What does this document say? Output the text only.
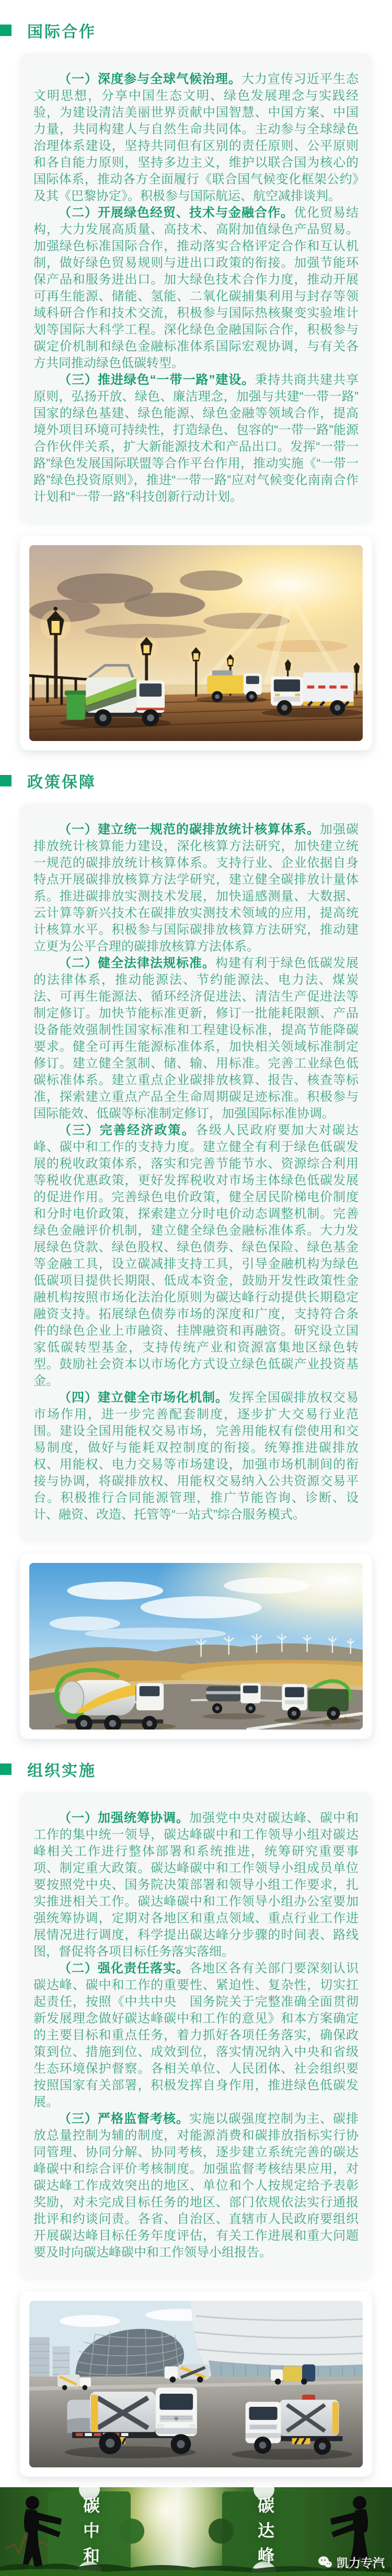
国际合作

（一）深度参与全球气候治理。大力宣传习近平生态文明思想，分享中国生态文明、绿色发展理念与实践经验，为建设清洁美丽世界贡献中国智慧、中国方案、中国力量，共同构建人与自然生命共同体。主动参与全球绿色治理体系建设，坚持共同但有区别的责任原则、公平原则和各自能力原则，坚持多边主义，维护以联合国为核心的国际体系，推动各方全面履行《联合国气候变化框架公约》及其《巴黎协定》。积极参与国际航运、航空减排谈判。

（二）开展绿色经贸、技术与金融合作。优化贸易结构，大力发展高质量、高技术、高附加值绿色产品贸易。加强绿色标准国际合作，推动落实合格评定合作和互认机制，做好绿色贸易规则与进出口政策的衔接。加强节能环保产品和服务进出口。加大绿色技术合作力度，推动开展可再生能源、储能、氢能、二氧化碳捕集利用与封存等领域科研合作和技术交流，积极参与国际热核聚变实验堆计划等国际大科学工程。深化绿色金融国际合作，积极参与碳定价机制和绿色金融标准体系国际宏观协调，与有关各方共同推动绿色低碳转型。

（三）推进绿色“一带一路”建设。秉持共商共建共享原则，弘扬开放、绿色、廉洁理念，加强与共建“一带一路”国家的绿色基建、绿色能源、绿色金融等领域合作，提高境外项目环境可持续性，打造绿色、包容的“一带一路”能源合作伙伴关系，扩大新能源技术和产品出口。发挥“一带一路”绿色发展国际联盟等合作平台作用，推动实施《“一带一路”绿色投资原则》，推进“一带一路”应对气候变化南南合作计划和“一带一路”科技创新行动计划。

政策保障

（一）建立统一规范的碳排放统计核算体系。加强碳排放统计核算能力建设，深化核算方法研究，加快建立统一规范的碳排放统计核算体系。支持行业、企业依据自身特点开展碳排放核算方法学研究，建立健全碳排放计量体系。推进碳排放实测技术发展，加快遥感测量、大数据、云计算等新兴技术在碳排放实测技术领域的应用，提高统计核算水平。积极参与国际碳排放核算方法研究，推动建立更为公平合理的碳排放核算方法体系。

（二）健全法律法规标准。构建有利于绿色低碳发展的法律体系，推动能源法、节约能源法、电力法、煤炭法、可再生能源法、循环经济促进法、清洁生产促进法等制定修订。加快节能标准更新，修订一批能耗限额、产品设备能效强制性国家标准和工程建设标准，提高节能降碳要求。健全可再生能源标准体系，加快相关领域标准制定修订。建立健全氢制、储、输、用标准。完善工业绿色低碳标准体系。建立重点企业碳排放核算、报告、核查等标准，探索建立重点产品全生命周期碳足迹标准。积极参与国际能效、低碳等标准制定修订，加强国际标准协调。

（三）完善经济政策。各级人民政府要加大对碳达峰、碳中和工作的支持力度。建立健全有利于绿色低碳发展的税收政策体系，落实和完善节能节水、资源综合利用等税收优惠政策，更好发挥税收对市场主体绿色低碳发展的促进作用。完善绿色电价政策，健全居民阶梯电价制度和分时电价政策，探索建立分时电价动态调整机制。完善绿色金融评价机制，建立健全绿色金融标准体系。大力发展绿色贷款、绿色股权、绿色债券、绿色保险、绿色基金等金融工具，设立碳减排支持工具，引导金融机构为绿色低碳项目提供长期限、低成本资金，鼓励开发性政策性金融机构按照市场化法治化原则为碳达峰行动提供长期稳定融资支持。拓展绿色债券市场的深度和广度，支持符合条件的绿色企业上市融资、挂牌融资和再融资。研究设立国家低碳转型基金，支持传统产业和资源富集地区绿色转型。鼓励社会资本以市场化方式设立绿色低碳产业投资基金。

（四）建立健全市场化机制。发挥全国碳排放权交易市场作用，进一步完善配套制度，逐步扩大交易行业范围。建设全国用能权交易市场，完善用能权有偿使用和交易制度，做好与能耗双控制度的衔接。统筹推进碳排放权、用能权、电力交易等市场建设，加强市场机制间的衔接与协调，将碳排放权、用能权交易纳入公共资源交易平台。积极推行合同能源管理，推广节能咨询、诊断、设计、融资、改造、托管等“一站式”综合服务模式。

组织实施

（一）加强统筹协调。加强党中央对碳达峰、碳中和工作的集中统一领导，碳达峰碳中和工作领导小组对碳达峰相关工作进行整体部署和系统推进，统筹研究重要事项、制定重大政策。碳达峰碳中和工作领导小组成员单位要按照党中央、国务院决策部署和领导小组工作要求，扎实推进相关工作。碳达峰碳中和工作领导小组办公室要加强统筹协调，定期对各地区和重点领域、重点行业工作进展情况进行调度，科学提出碳达峰分步骤的时间表、路线图，督促将各项目标任务落实落细。

（二）强化责任落实。各地区各有关部门要深刻认识碳达峰、碳中和工作的重要性、紧迫性、复杂性，切实扛起责任，按照《中共中央　国务院关于完整准确全面贯彻新发展理念做好碳达峰碳中和工作的意见》和本方案确定的主要目标和重点任务，着力抓好各项任务落实，确保政策到位、措施到位、成效到位，落实情况纳入中央和省级生态环境保护督察。各相关单位、人民团体、社会组织要按照国家有关部署，积极发挥自身作用，推进绿色低碳发展。

（三）严格监督考核。实施以碳强度控制为主、碳排放总量控制为辅的制度，对能源消费和碳排放指标实行协同管理、协同分解、协同考核，逐步建立系统完善的碳达峰碳中和综合评价考核制度。加强监督考核结果应用，对碳达峰工作成效突出的地区、单位和个人按规定给予表彰奖励，对未完成目标任务的地区、部门依规依法实行通报批评和约谈问责。各省、自治区、直辖市人民政府要组织开展碳达峰目标任务年度评估，有关工作进展和重大问题要及时向碳达峰碳中和工作领导小组报告。

碳中和	碳达峰	凯力专汽
